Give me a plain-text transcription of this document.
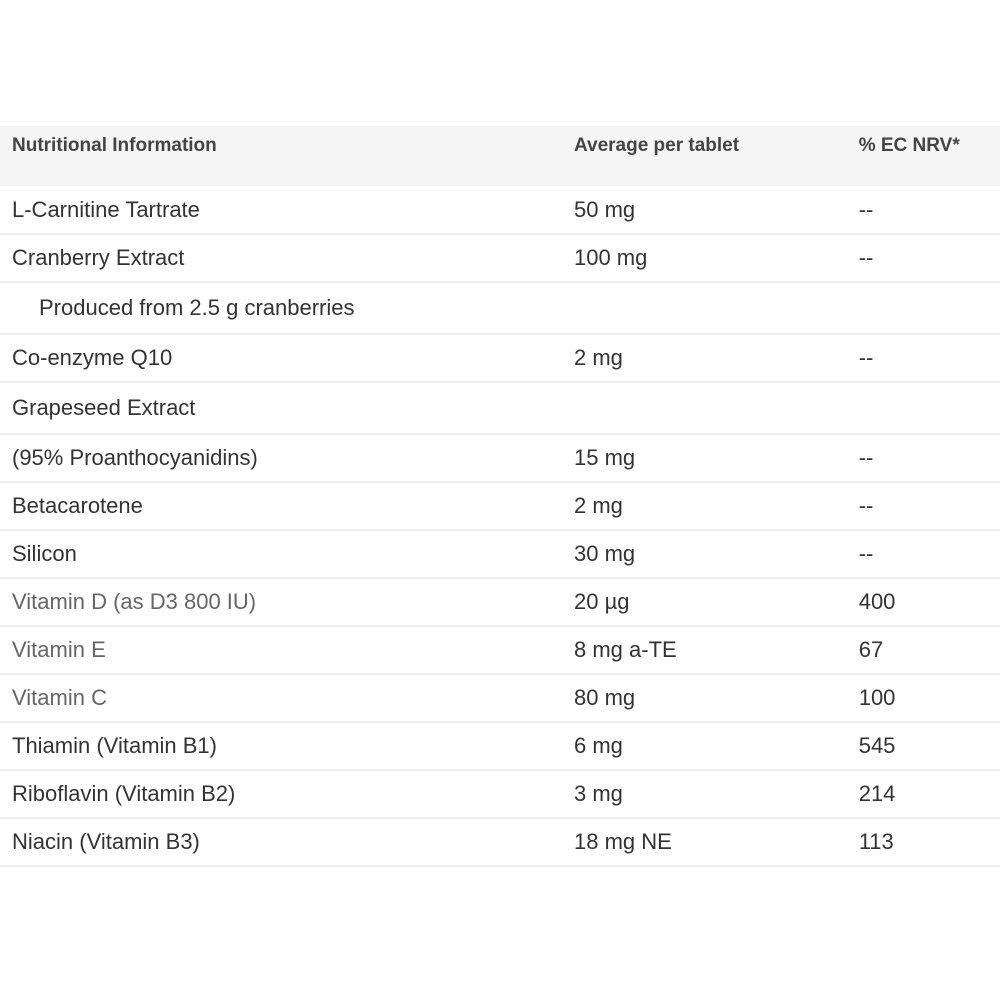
Nutritional Information	Average per tablet	% EC NRV*
L-Carnitine Tartrate	50 mg	--
Cranberry Extract	100 mg	--
Produced from 2.5 g cranberries		
Co-enzyme Q10	2 mg	--
Grapeseed Extract		
(95% Proanthocyanidins)	15 mg	--
Betacarotene	2 mg	--
Silicon	30 mg	--
Vitamin D (as D3 800 IU)	20 µg	400
Vitamin E	8 mg a-TE	67
Vitamin C	80 mg	100
Thiamin (Vitamin B1)	6 mg	545
Riboflavin (Vitamin B2)	3 mg	214
Niacin (Vitamin B3)	18 mg NE	113
